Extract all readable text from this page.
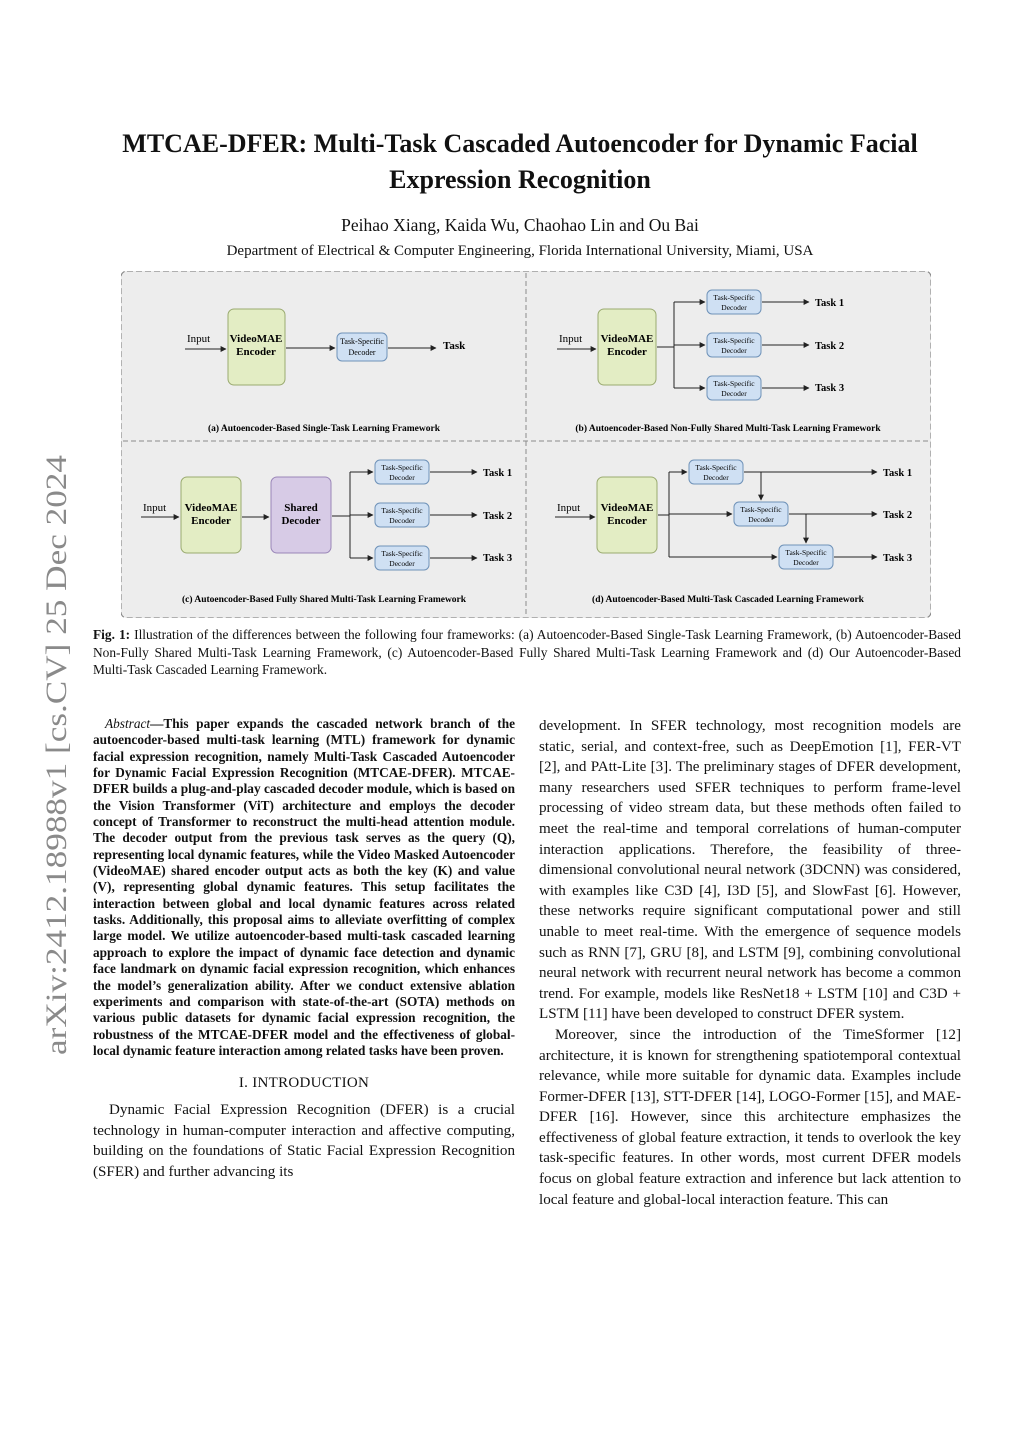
arXiv:2412.18988v1 [cs.CV] 25 Dec 2024
MTCAE-DFER: Multi-Task Cascaded Autoencoder for Dynamic Facial Expression Recognition
Peihao Xiang, Kaida Wu, Chaohao Lin and Ou Bai
Department of Electrical & Computer Engineering, Florida International University, Miami, USA
Input VideoMAE
Encoder
Task-Specific
Decoder
Task
(a) Autoencoder-Based Single-Task Learning Framework
Input VideoMAE
Encoder
Task-Specific
Decoder
Task-Specific
Decoder
Task-Specific
Decoder
Task 1
Task 2
Task 3
(b) Autoencoder-Based Non-Fully Shared Multi-Task Learning Framework
Input VideoMAE
Encoder
Shared
Decoder
Task-Specific
Decoder
Task-Specific
Decoder
Task-Specific
Decoder
Task 1
Task 2
Task 3
(c) Autoencoder-Based Fully Shared Multi-Task Learning Framework
Input VideoMAE
Encoder
Task-Specific
Decoder
Task-Specific
Decoder
Task-Specific
Decoder
Task 1
Task 2
Task 3
(d) Autoencoder-Based Multi-Task Cascaded Learning Framework
Fig. 1: Illustration of the differences between the following four frameworks: (a) Autoencoder-Based Single-Task Learning Framework, (b) Autoencoder-Based Non-Fully Shared Multi-Task Learning Framework, (c) Autoencoder-Based Fully Shared Multi-Task Learning Framework and (d) Our Autoencoder-Based Multi-Task Cascaded Learning Framework.

Abstract—This paper expands the cascaded network branch of the autoencoder-based multi-task learning (MTL) framework for dynamic facial expression recognition, namely Multi-Task Cascaded Autoencoder for Dynamic Facial Expression Recognition (MTCAE-DFER). MTCAE-DFER builds a plug-and-play cascaded decoder module, which is based on the Vision Transformer (ViT) architecture and employs the decoder concept of Transformer to reconstruct the multi-head attention module. The decoder output from the previous task serves as the query (Q), representing local dynamic features, while the Video Masked Autoencoder (VideoMAE) shared encoder output acts as both the key (K) and value (V), representing global dynamic features. This setup facilitates the interaction between global and local dynamic features across related tasks. Additionally, this proposal aims to alleviate overfitting of complex large model. We utilize autoencoder-based multi-task cascaded learning approach to explore the impact of dynamic face detection and dynamic face landmark on dynamic facial expression recognition, which enhances the model’s generalization ability. After we conduct extensive ablation experiments and comparison with state-of-the-art (SOTA) methods on various public datasets for dynamic facial expression recognition, the robustness of the MTCAE-DFER model and the effectiveness of global-local dynamic feature interaction among related tasks have been proven.

I. INTRODUCTION

Dynamic Facial Expression Recognition (DFER) is a crucial technology in human-computer interaction and affective computing, building on the foundations of Static Facial Expression Recognition (SFER) and further advancing its

development. In SFER technology, most recognition models are static, serial, and context-free, such as DeepEmotion [1], FER-VT [2], and PAtt-Lite [3]. The preliminary stages of DFER development, many researchers used SFER techniques to perform frame-level processing of video stream data, but these methods often failed to meet the real-time and temporal correlations of human-computer interaction applications. Therefore, the feasibility of three-dimensional convolutional neural network (3DCNN) was considered, with examples like C3D [4], I3D [5], and SlowFast [6]. However, these networks require significant computational power and still unable to meet real-time. With the emergence of sequence models such as RNN [7], GRU [8], and LSTM [9], combining convolutional neural network with recurrent neural network has become a common trend. For example, models like ResNet18 + LSTM [10] and C3D + LSTM [11] have been developed to construct DFER system.

Moreover, since the introduction of the TimeSformer [12] architecture, it is known for strengthening spatiotemporal contextual relevance, while more suitable for dynamic data. Examples include Former-DFER [13], STT-DFER [14], LOGO-Former [15], and MAE-DFER [16]. However, since this architecture emphasizes the effectiveness of global feature extraction, it tends to overlook the key task-specific features. In other words, most current DFER models focus on global feature extraction and inference but lack attention to local feature and global-local interaction feature. This can
